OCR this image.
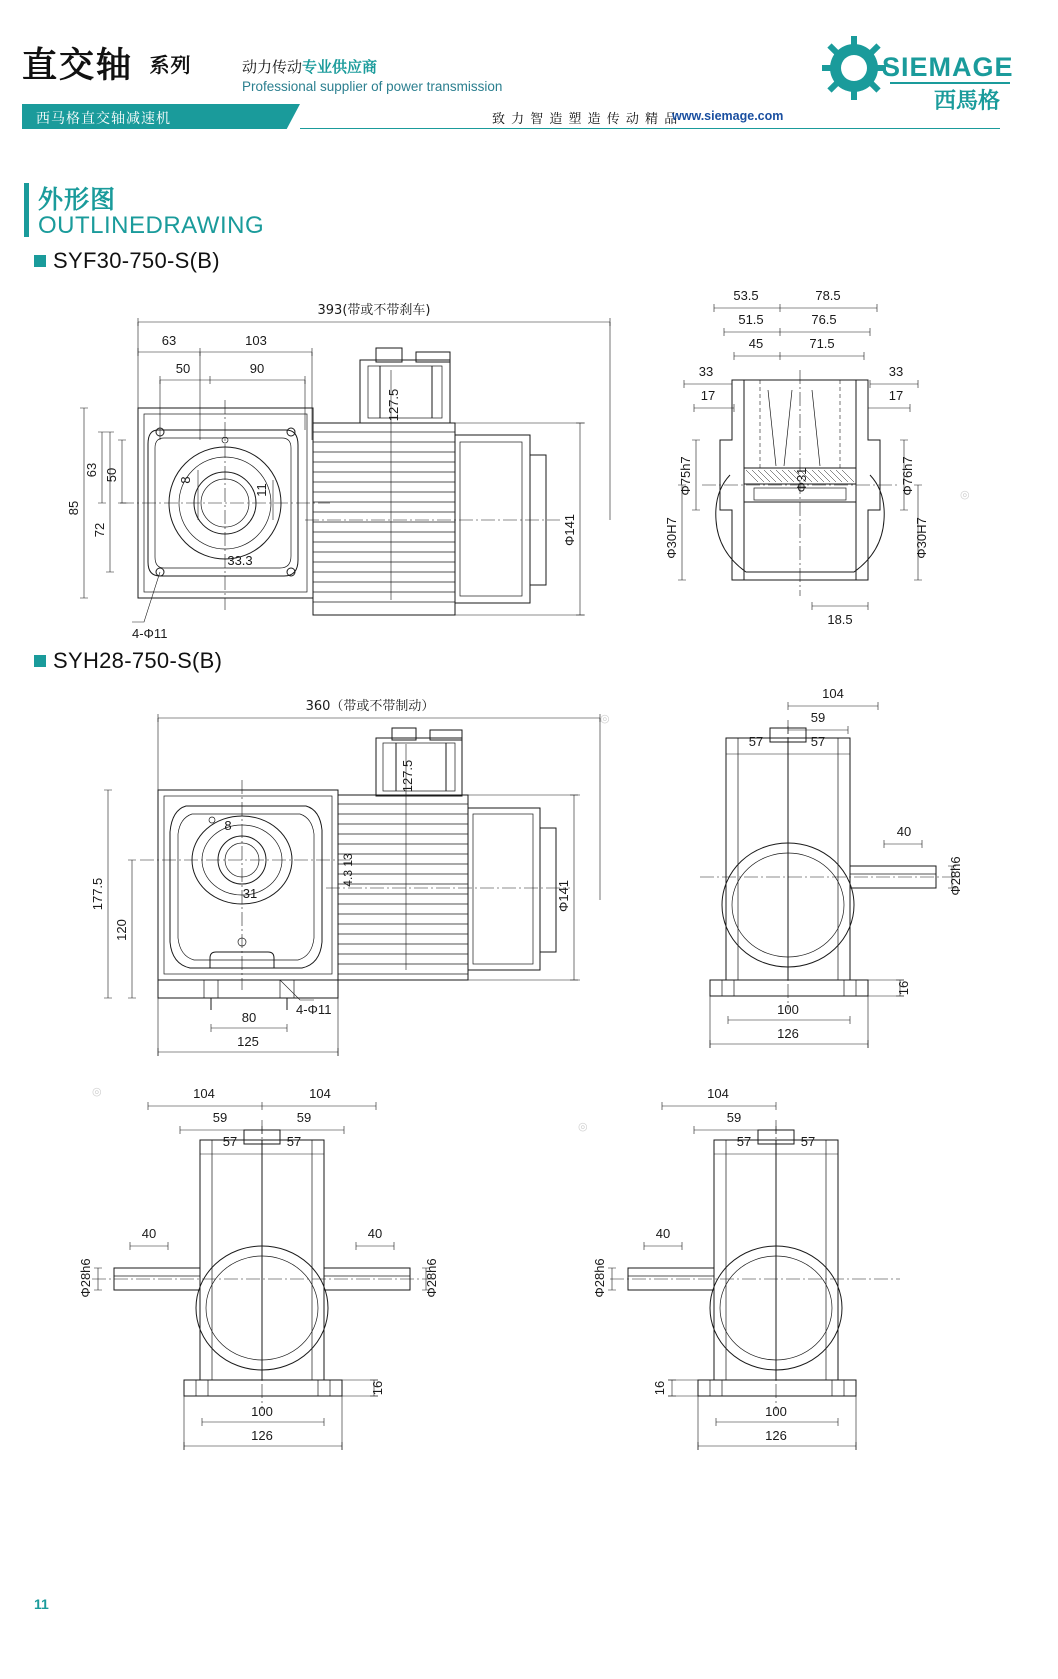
直交轴 系列
西马格直交轴减速机
动力传动专业供应商
Professional supplier of power transmission
致 力 智 造 塑 造 传 动 精 品
www.siemage.com
SIEMAGE
西馬格
外形图
OUTLINEDRAWING
SYF30-750-S(B)
393(带或不带刹车)
63	103
50	90
63 50
85
72
8
11
33.3
4-Φ11
127.5
Φ141
53.5	78.5
51.5	76.5
45	71.5
33	33
17	17
Φ75h7
Φ30H7
Φ31	Φ76h7
Φ30H7
18.5
SYH28-750-S(B)
360（带或不带制动）
31
8
177.5
120
80
125
4-Φ11
4.3 13
127.5
Φ141
104
59
57	57
40
Φ28h6
16
100
126
104	104
59	59
57	57
40	40
Φ28h6	Φ28h6
16
100
126
104
59
57	57
40
Φ28h6
16
100
126
◎
◎
◎
◎
11
